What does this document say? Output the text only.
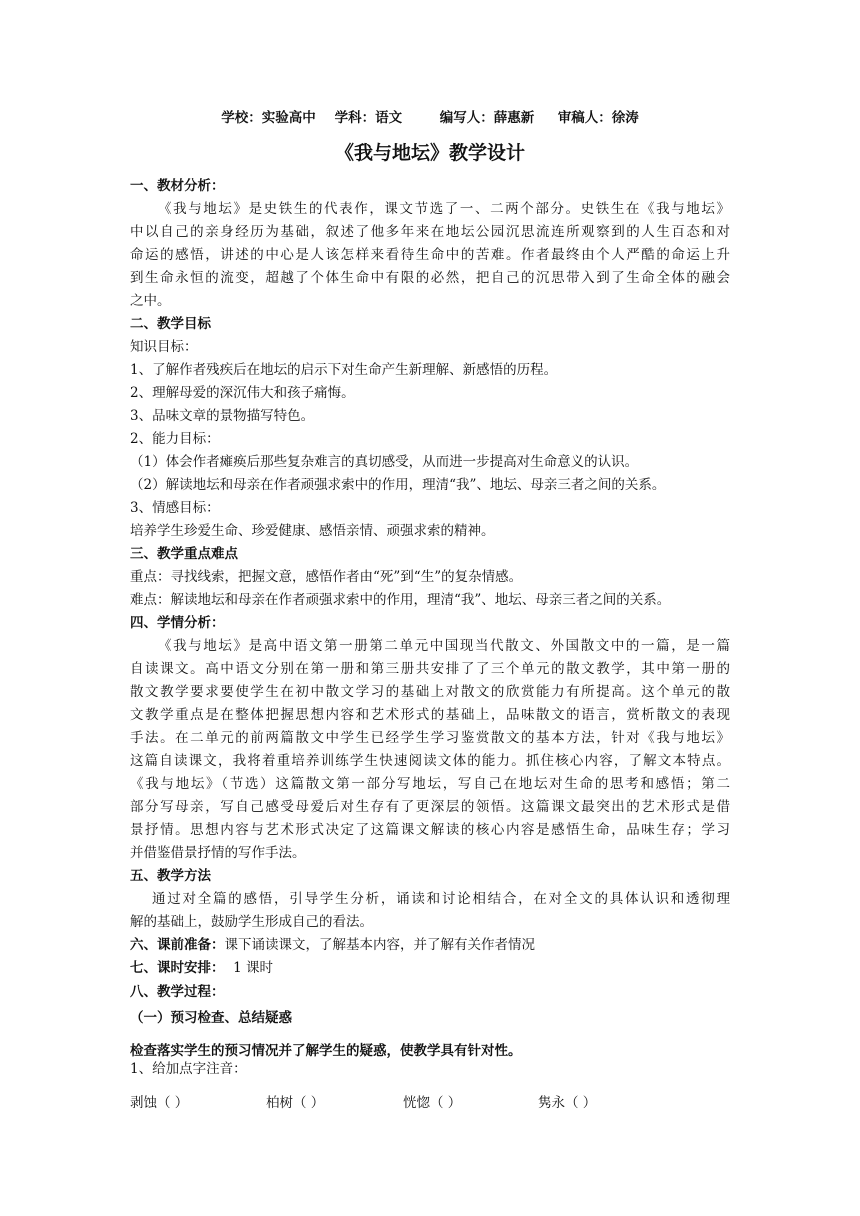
学校：实验高中 学科：语文	编写人：薛惠新 审稿人：徐涛
《我与地坛》教学设计
一、教材分析：
《我与地坛》是史铁生的代表作，课文节选了一、二两个部分。史铁生在《我与地坛》
中以自己的亲身经历为基础，叙述了他多年来在地坛公园沉思流连所观察到的人生百态和对
命运的感悟，讲述的中心是人该怎样来看待生命中的苦难。作者最终由个人严酷的命运上升
到生命永恒的流变，超越了个体生命中有限的必然，把自己的沉思带入到了生命全体的融会
之中。
二、教学目标
知识目标：
1、了解作者残疾后在地坛的启示下对生命产生新理解、新感悟的历程。
2、理解母爱的深沉伟大和孩子痛悔。
3、品味文章的景物描写特色。
2、能力目标：
（1）体会作者瘫痪后那些复杂难言的真切感受，从而进一步提高对生命意义的认识。
（2）解读地坛和母亲在作者顽强求索中的作用，理清“我”、地坛、母亲三者之间的关系。
3、情感目标：
培养学生珍爱生命、珍爱健康、感悟亲情、顽强求索的精神。
三、教学重点难点
重点：寻找线索，把握文意，感悟作者由“死”到“生”的复杂情感。
难点：解读地坛和母亲在作者顽强求索中的作用，理清“我”、地坛、母亲三者之间的关系。
四、学情分析：
《我与地坛》是高中语文第一册第二单元中国现当代散文、外国散文中的一篇，是一篇
自读课文。高中语文分别在第一册和第三册共安排了了三个单元的散文教学，其中第一册的
散文教学要求要使学生在初中散文学习的基础上对散文的欣赏能力有所提高。这个单元的散
文教学重点是在整体把握思想内容和艺术形式的基础上，品味散文的语言，赏析散文的表现
手法。在二单元的前两篇散文中学生已经学生学习鉴赏散文的基本方法，针对《我与地坛》
这篇自读课文，我将着重培养训练学生快速阅读文体的能力。抓住核心内容，了解文本特点。
《我与地坛》（节选）这篇散文第一部分写地坛，写自己在地坛对生命的思考和感悟；第二
部分写母亲，写自己感受母爱后对生存有了更深层的领悟。这篇课文最突出的艺术形式是借
景抒情。思想内容与艺术形式决定了这篇课文解读的核心内容是感悟生命，品味生存；学习
并借鉴借景抒情的写作手法。
五、教学方法
通过对全篇的感悟，引导学生分析，诵读和讨论相结合，在对全文的具体认识和透彻理
解的基础上，鼓励学生形成自己的看法。
六、课前准备：课下诵读课文，了解基本内容，并了解有关作者情况
七、课时安排： 1 课时
八、教学过程：
（一）预习检查、总结疑惑
检查落实学生的预习情况并了解学生的疑惑，使教学具有针对性。
1、给加点字注音：
剥蚀（ ）	柏树（ ）	恍惚（ ）	隽永（ ）
